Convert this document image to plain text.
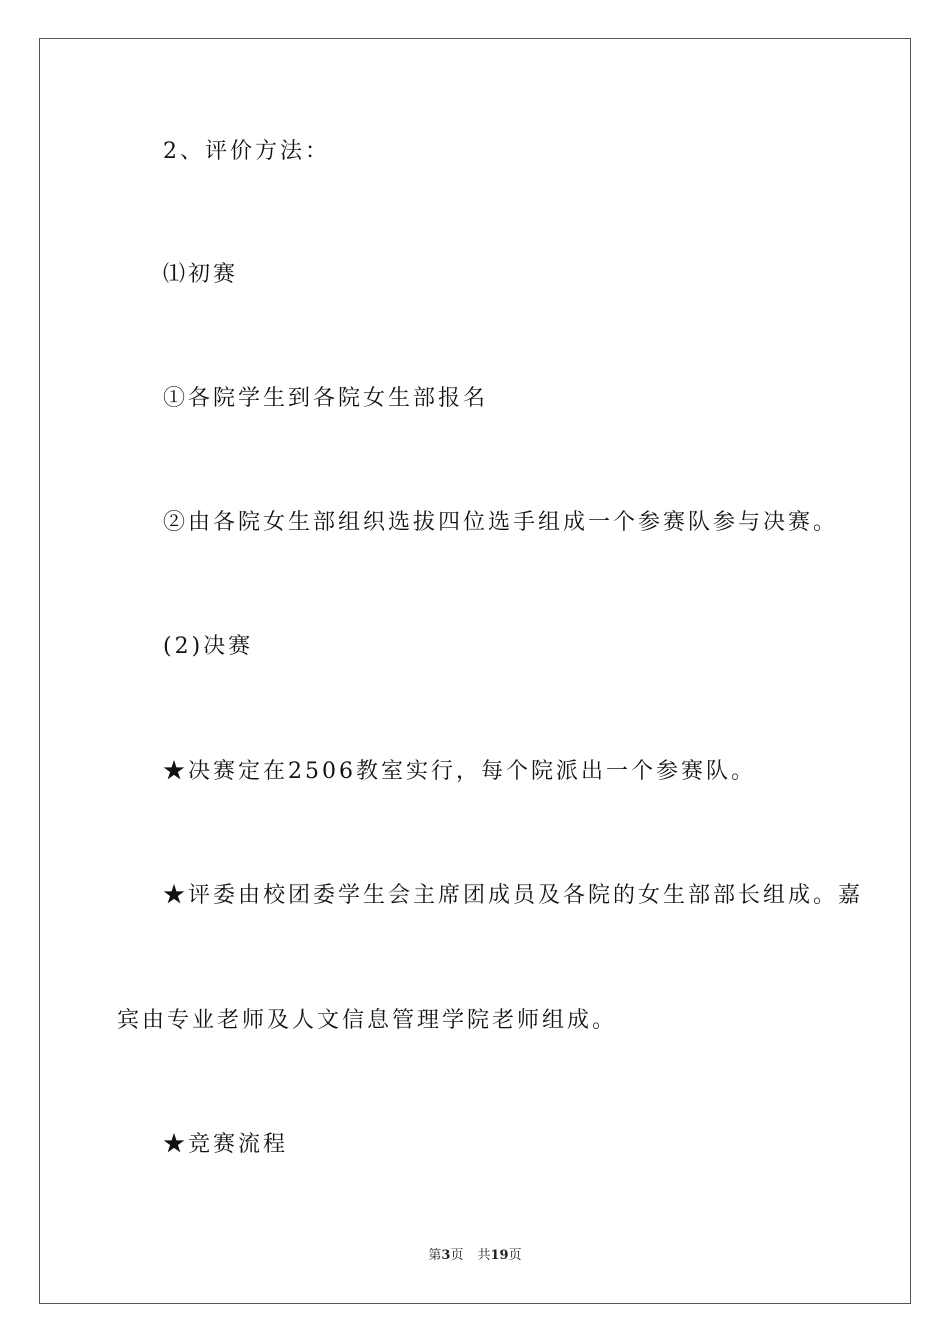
2、评价方法：
⑴初赛
①各院学生到各院女生部报名
②由各院女生部组织选拔四位选手组成一个参赛队参与决赛。
(2)决赛
★决赛定在2506教室实行，每个院派出一个参赛队。
★评委由校团委学生会主席团成员及各院的女生部部长组成。嘉
宾由专业老师及人文信息管理学院老师组成。
★竞赛流程
第3页 共19页
